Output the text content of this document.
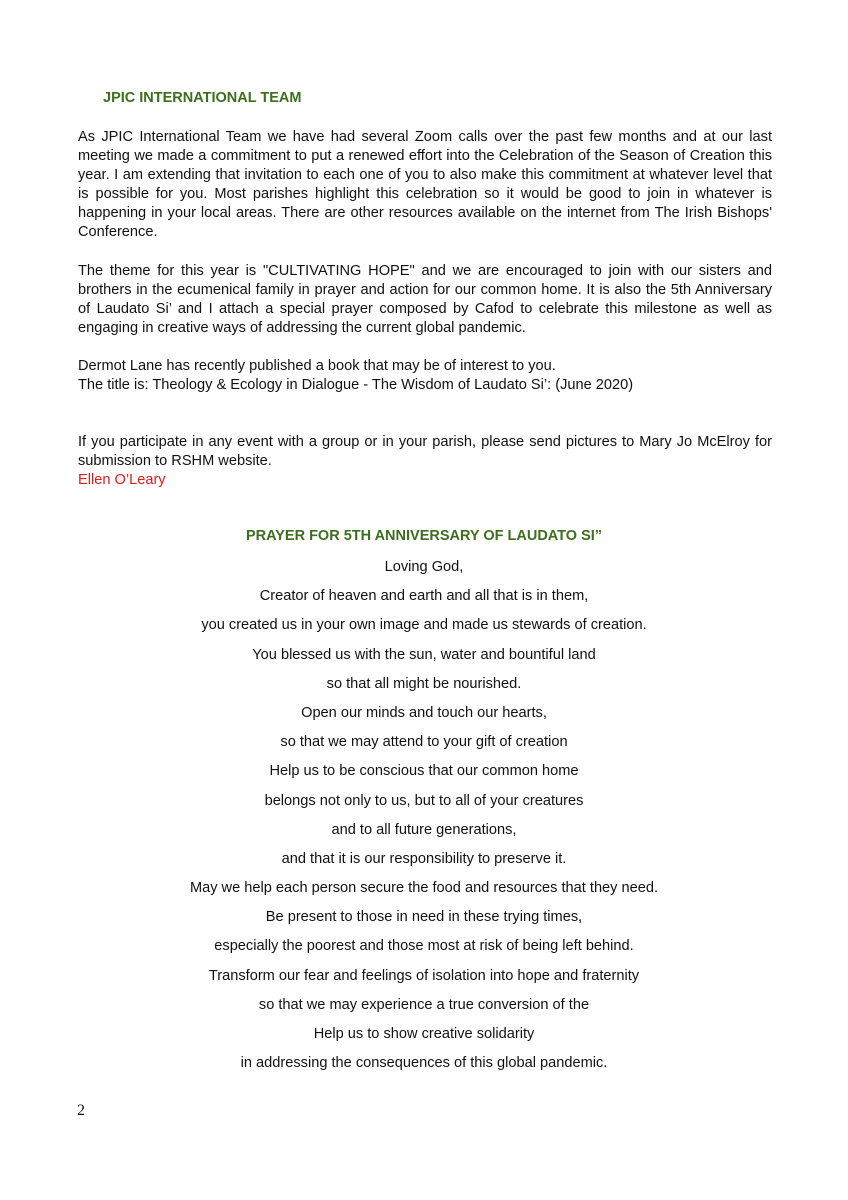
JPIC INTERNATIONAL TEAM

As JPIC International Team we have had several Zoom calls over the past few months and at our last meeting we made a commitment to put a renewed effort into the Celebration of the Season of Creation this year. I am extending that invitation to each one of you to also make this commitment at whatever level that is possible for you. Most parishes highlight this celebration so it would be good to join in whatever is happening in your local areas. There are other resources available on the internet from The Irish Bishops' Conference.

The theme for this year is "CULTIVATING HOPE" and we are encouraged to join with our sisters and brothers in the ecumenical family in prayer and action for our common home. It is also the 5th Anniversary of Laudato Si’ and I attach a special prayer composed by Cafod to celebrate this milestone as well as engaging in creative ways of addressing the current global pandemic.

Dermot Lane has recently published a book that may be of interest to you.
The title is: Theology & Ecology in Dialogue - The Wisdom of Laudato Si’: (June 2020)

If you participate in any event with a group or in your parish, please send pictures to Mary Jo McElroy for submission to RSHM website.
Ellen O’Leary

PRAYER FOR 5TH ANNIVERSARY OF LAUDATO SI”
Loving God,
Creator of heaven and earth and all that is in them,
you created us in your own image and made us stewards of creation.
You blessed us with the sun, water and bountiful land
so that all might be nourished.
Open our minds and touch our hearts,
so that we may attend to your gift of creation
Help us to be conscious that our common home
belongs not only to us, but to all of your creatures
and to all future generations,
and that it is our responsibility to preserve it.
May we help each person secure the food and resources that they need.
Be present to those in need in these trying times,
especially the poorest and those most at risk of being left behind.
Transform our fear and feelings of isolation into hope and fraternity
so that we may experience a true conversion of the
Help us to show creative solidarity
in addressing the consequences of this global pandemic.
2
